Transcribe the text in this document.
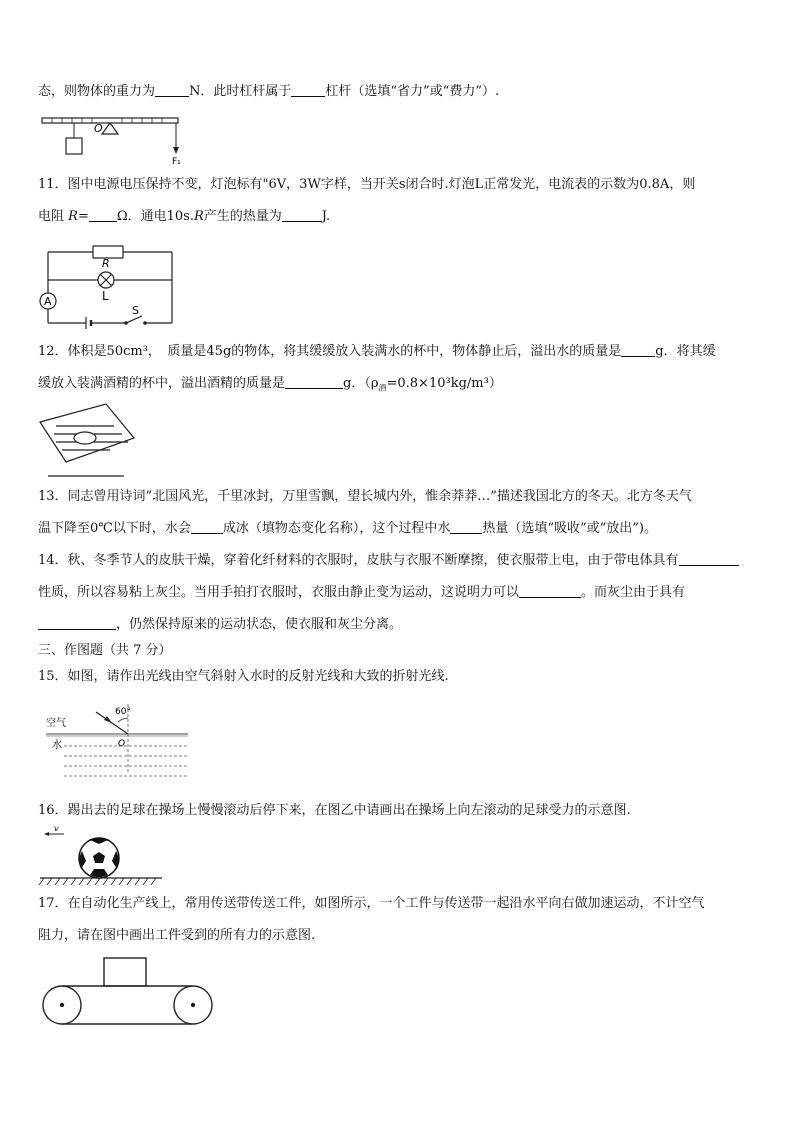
态，则物体的重力为	N．此时杠杆属于	杠杆（选填“省力”或“费力”）.
O
F₁
11．图中电源电压保持不变，灯泡标有"6V，3W字样，当开关s闭合时.灯泡L正常发光，电流表的示数为0.8A，则
电阻 R= Ω．通电10s.R产生的热量为	J.
A
R
L
S
12．体积是50cm³，　质量是45g的物体，将其缓缓放入装满水的杯中，物体静止后，溢出水的质量是	g．将其缓
缓放入装满酒精的杯中，溢出酒精的质量是	g．$(\rho_酒=0.8\times 10^3kg/m^3)$
13．同志曾用诗词“北国风光，千里冰封，万里雪飘，望长城内外，惟余莽莽…”描述我国北方的冬天。北方冬天气
温下降至0℃以下时，水会 成冰（填物态变化名称），这个过程中水 热量（选填“吸收”或“放出”)。
14．秋、冬季节人的皮肤干燥，穿着化纤材料的衣服时，皮肤与衣服不断摩擦，使衣服带上电，由于带电体具有
性质，所以容易粘上灰尘。当用手拍打衣服时，衣服由静止变为运动，这说明力可以	。而灰尘由于具有
，仍然保持原来的运动状态，使衣服和灰尘分离。
三、作图题（共 7 分）
15．如图，请作出光线由空气斜射入水时的反射光线和大致的折射光线.
空气
水
60°
O
16．踢出去的足球在操场上慢慢滚动后停下来，在图乙中请画出在操场上向左滚动的足球受力的示意图.
v
17．在自动化生产线上，常用传送带传送工件，如图所示，一个工件与传送带一起沿水平向右做加速运动，不计空气
阻力，请在图中画出工件受到的所有力的示意图.
